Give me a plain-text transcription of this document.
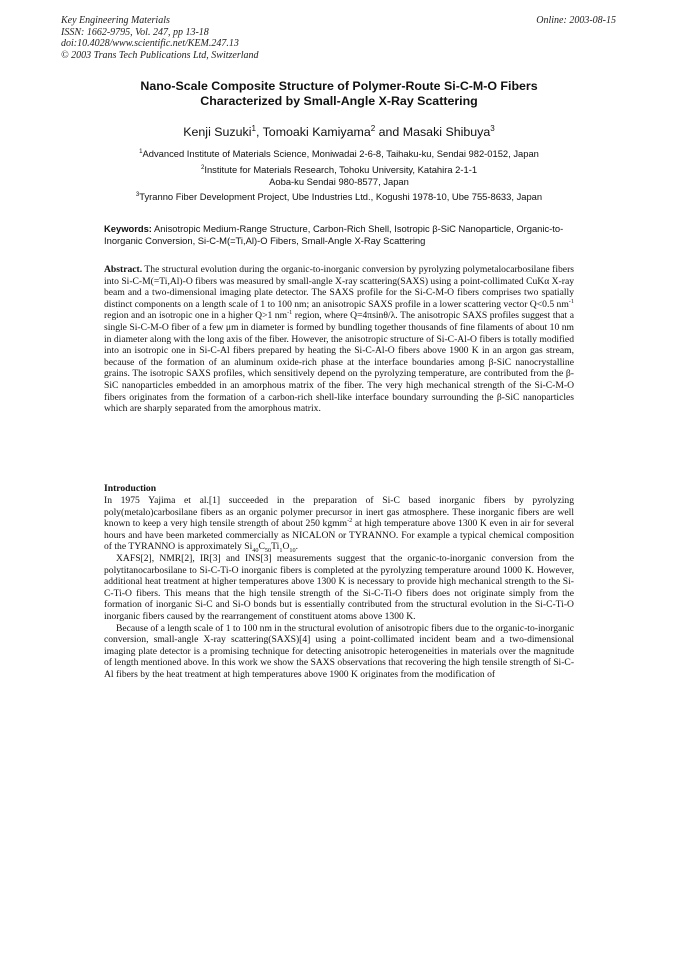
Key Engineering Materials
ISSN: 1662-9795, Vol. 247, pp 13-18
doi:10.4028/www.scientific.net/KEM.247.13
© 2003 Trans Tech Publications Ltd, Switzerland
Online: 2003-08-15
Nano-Scale Composite Structure of Polymer-Route Si-C-M-O Fibers
Characterized by Small-Angle X-Ray Scattering
Kenji Suzuki$^1$, Tomoaki Kamiyama$^2$ and Masaki Shibuya$^3$
$^1$Advanced Institute of Materials Science, Moniwadai 2-6-8, Taihaku-ku, Sendai 982-0152, Japan
$^2$Institute for Materials Research, Tohoku University, Katahira 2-1-1
Aoba-ku Sendai 980-8577, Japan
$^3$Tyranno Fiber Development Project, Ube Industries Ltd., Kogushi 1978-10, Ube 755-8633, Japan
Keywords: Anisotropic Medium-Range Structure, Carbon-Rich Shell, Isotropic β-SiC Nanoparticle, Organic-to-Inorganic Conversion, Si-C-M(=Ti,Al)-O Fibers, Small-Angle X-Ray Scattering
Abstract. The structural evolution during the organic-to-inorganic conversion by pyrolyzing polymetalocarbosilane fibers into Si-C-M(=Ti,Al)-O fibers was measured by small-angle X-ray scattering(SAXS) using a point-collimated CuKα X-ray beam and a two-dimensional imaging plate detector. The SAXS profile for the Si-C-M-O fibers comprises two spatially distinct components on a length scale of 1 to 100 nm; an anisotropic SAXS profile in a lower scattering vector Q<0.5 $nm^{-1}$ region and an isotropic one in a higher Q>1 $nm^{-1}$ region, where Q=4πsinθ/λ. The anisotropic SAXS profiles suggest that a single Si-C-M-O fiber of a few μm in diameter is formed by bundling together thousands of fine filaments of about 10 nm in diameter along with the long axis of the fiber. However, the anisotropic structure of Si-C-Al-O fibers is totally modified into an isotropic one in Si-C-Al fibers prepared by heating the Si-C-Al-O fibers above 1900 K in an argon gas stream, because of the formation of an aluminum oxide-rich phase at the interface boundaries among β-SiC nanocrystalline grains. The isotropic SAXS profiles, which sensitively depend on the pyrolyzing temperature, are contributed from the β-SiC nanoparticles embedded in an amorphous matrix of the fiber. The very high mechanical strength of the Si-C-M-O fibers originates from the formation of a carbon-rich shell-like interface boundary surrounding the β-SiC nanoparticles which are sharply separated from the amorphous matrix.
Introduction

In 1975 Yajima et al.[1] succeeded in the preparation of Si-C based inorganic fibers by pyrolyzing poly(metalo)carbosilane fibers as an organic polymer precursor in inert gas atmosphere. These inorganic fibers are well known to keep a very high tensile strength of about 250 kgmm$^{-2}$ at high temperature above 1300 K even in air for several hours and have been marketed commercially as NICALON or TYRANNO. For example a typical chemical composition of the TYRANNO is approximately $Si_{40}C_{50}Ti_1O_{10}$.

XAFS[2], NMR[2], IR[3] and INS[3] measurements suggest that the organic-to-inorganic conversion from the polytitanocarbosilane to Si-C-Ti-O inorganic fibers is completed at the pyrolyzing temperature around 1000 K. However, additional heat treatment at higher temperatures above 1300 K is necessary to provide high mechanical strength to the Si-C-Ti-O fibers. This means that the high tensile strength of the Si-C-Ti-O fibers does not originate simply from the formation of inorganic Si-C and Si-O bonds but is essentially contributed from the structural evolution in the Si-C-Ti-O inorganic fibers caused by the rearrangement of constituent atoms above 1300 K.

Because of a length scale of 1 to 100 nm in the structural evolution of anisotropic fibers due to the organic-to-inorganic conversion, small-angle X-ray scattering(SAXS)[4] using a point-collimated incident beam and a two-dimensional imaging plate detector is a promising technique for detecting anisotropic heterogeneities in materials over the magnitude of length mentioned above. In this work we show the SAXS observations that recovering the high tensile strength of Si-C-Al fibers by the heat treatment at high temperatures above 1900 K originates from the modification of
